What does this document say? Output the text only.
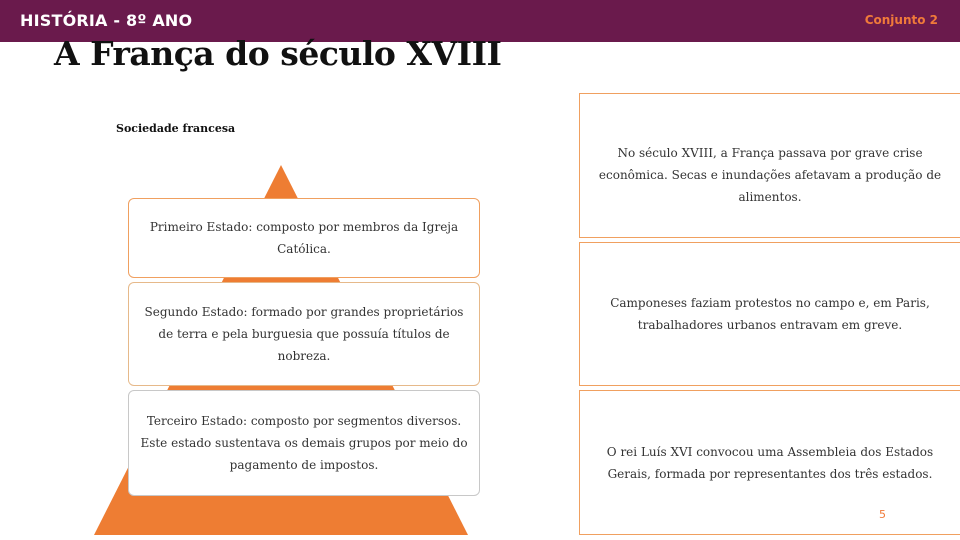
HISTÓRIA - 8º ANO	Conjunto 2
A França do século XVIII
Sociedade francesa
Primeiro Estado: composto por membros da Igreja Católica.
Segundo Estado: formado por grandes proprietários de terra e pela burguesia que possuía títulos de nobreza.
Terceiro Estado: composto por segmentos diversos. Este estado sustentava os demais grupos por meio do pagamento de impostos.
No século XVIII, a França passava por grave crise econômica. Secas e inundações afetavam a produção de alimentos.
Camponeses faziam protestos no campo e, em Paris, trabalhadores urbanos entravam em greve.
O rei Luís XVI convocou uma Assembleia dos Estados Gerais, formada por representantes dos três estados.
5
